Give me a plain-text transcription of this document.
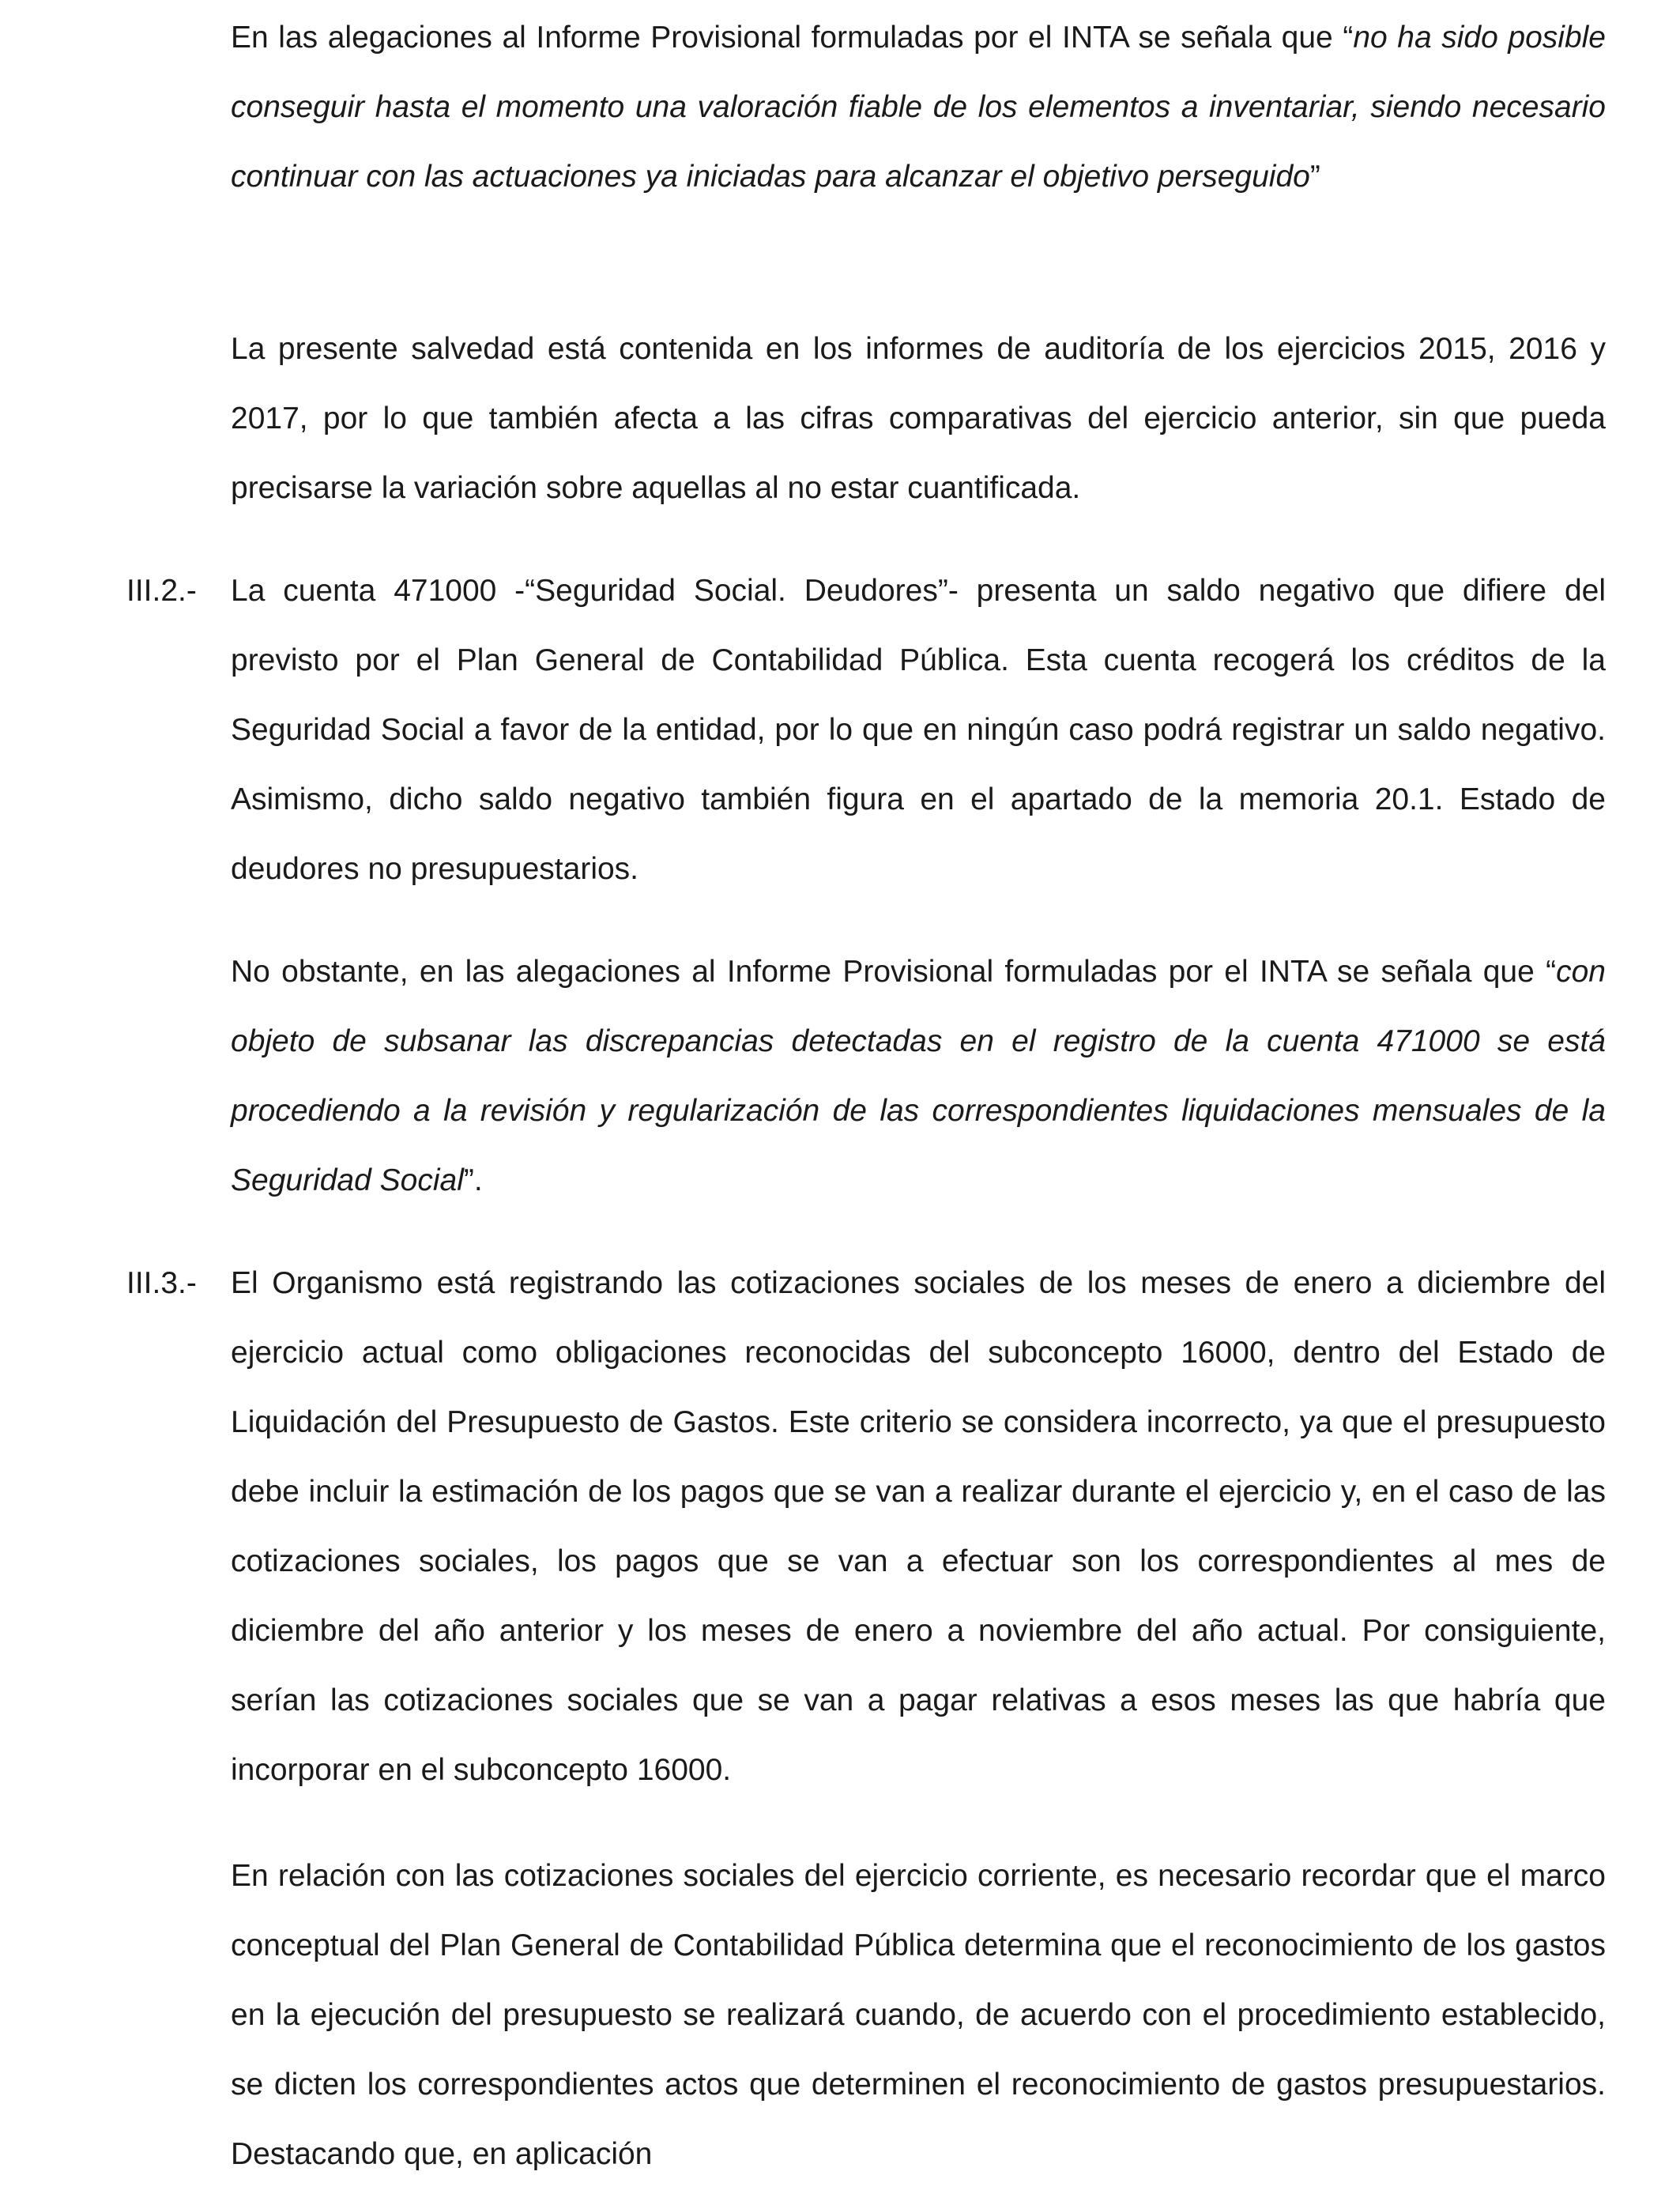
En las alegaciones al Informe Provisional formuladas por el INTA se señala que “no ha sido posible conseguir hasta el momento una valoración fiable de los elementos a inventariar, siendo necesario continuar con las actuaciones ya iniciadas para alcanzar el objetivo perseguido”

La presente salvedad está contenida en los informes de auditoría de los ejercicios 2015, 2016 y 2017, por lo que también afecta a las cifras comparativas del ejercicio anterior, sin que pueda precisarse la variación sobre aquellas al no estar cuantificada.

III.2.- La cuenta 471000 -“Seguridad Social. Deudores”- presenta un saldo negativo que difiere del previsto por el Plan General de Contabilidad Pública. Esta cuenta recogerá los créditos de la Seguridad Social a favor de la entidad, por lo que en ningún caso podrá registrar un saldo negativo. Asimismo, dicho saldo negativo también figura en el apartado de la memoria 20.1. Estado de deudores no presupuestarios.

No obstante, en las alegaciones al Informe Provisional formuladas por el INTA se señala que “con objeto de subsanar las discrepancias detectadas en el registro de la cuenta 471000 se está procediendo a la revisión y regularización de las correspondientes liquidaciones mensuales de la Seguridad Social”.

III.3.- El Organismo está registrando las cotizaciones sociales de los meses de enero a diciembre del ejercicio actual como obligaciones reconocidas del subconcepto 16000, dentro del Estado de Liquidación del Presupuesto de Gastos. Este criterio se considera incorrecto, ya que el presupuesto debe incluir la estimación de los pagos que se van a realizar durante el ejercicio y, en el caso de las cotizaciones sociales, los pagos que se van a efectuar son los correspondientes al mes de diciembre del año anterior y los meses de enero a noviembre del año actual. Por consiguiente, serían las cotizaciones sociales que se van a pagar relativas a esos meses las que habría que incorporar en el subconcepto 16000.

En relación con las cotizaciones sociales del ejercicio corriente, es necesario recordar que el marco conceptual del Plan General de Contabilidad Pública determina que el reconocimiento de los gastos en la ejecución del presupuesto se realizará cuando, de acuerdo con el procedimiento establecido, se dicten los correspondientes actos que determinen el reconocimiento de gastos presupuestarios. Destacando que, en aplicación
